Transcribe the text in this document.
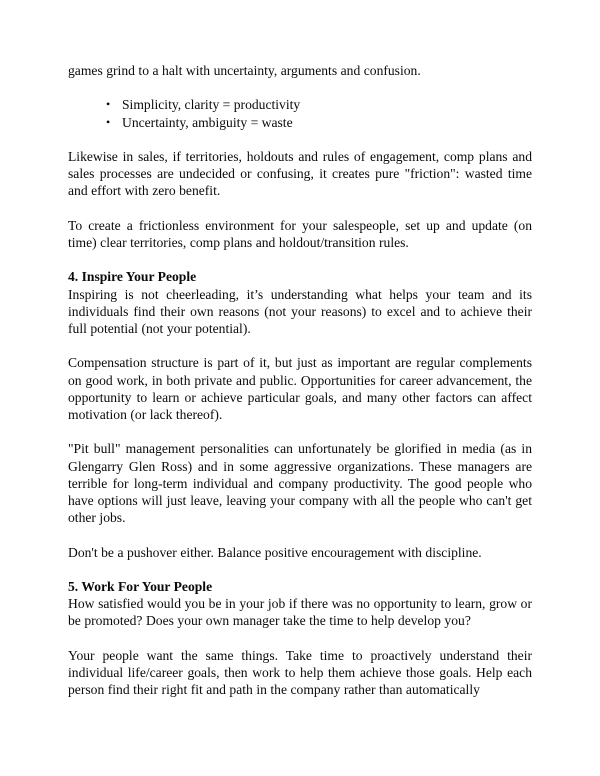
games grind to a halt with uncertainty, arguments and confusion.

• Simplicity, clarity = productivity
• Uncertainty, ambiguity = waste

Likewise in sales, if territories, holdouts and rules of engagement, comp plans and sales processes are undecided or confusing, it creates pure "friction": wasted time and effort with zero benefit.

To create a frictionless environment for your salespeople, set up and update (on time) clear territories, comp plans and holdout/transition rules.

4. Inspire Your People

Inspiring is not cheerleading, it’s understanding what helps your team and its individuals find their own reasons (not your reasons) to excel and to achieve their full potential (not your potential).

Compensation structure is part of it, but just as important are regular complements on good work, in both private and public. Opportunities for career advancement, the opportunity to learn or achieve particular goals, and many other factors can affect motivation (or lack thereof).

"Pit bull" management personalities can unfortunately be glorified in media (as in Glengarry Glen Ross) and in some aggressive organizations. These managers are terrible for long-term individual and company productivity. The good people who have options will just leave, leaving your company with all the people who can't get other jobs.

Don't be a pushover either. Balance positive encouragement with discipline.

5. Work For Your People

How satisfied would you be in your job if there was no opportunity to learn, grow or be promoted? Does your own manager take the time to help develop you?

Your people want the same things. Take time to proactively understand their individual life/career goals, then work to help them achieve those goals. Help each person find their right fit and path in the company rather than automatically
